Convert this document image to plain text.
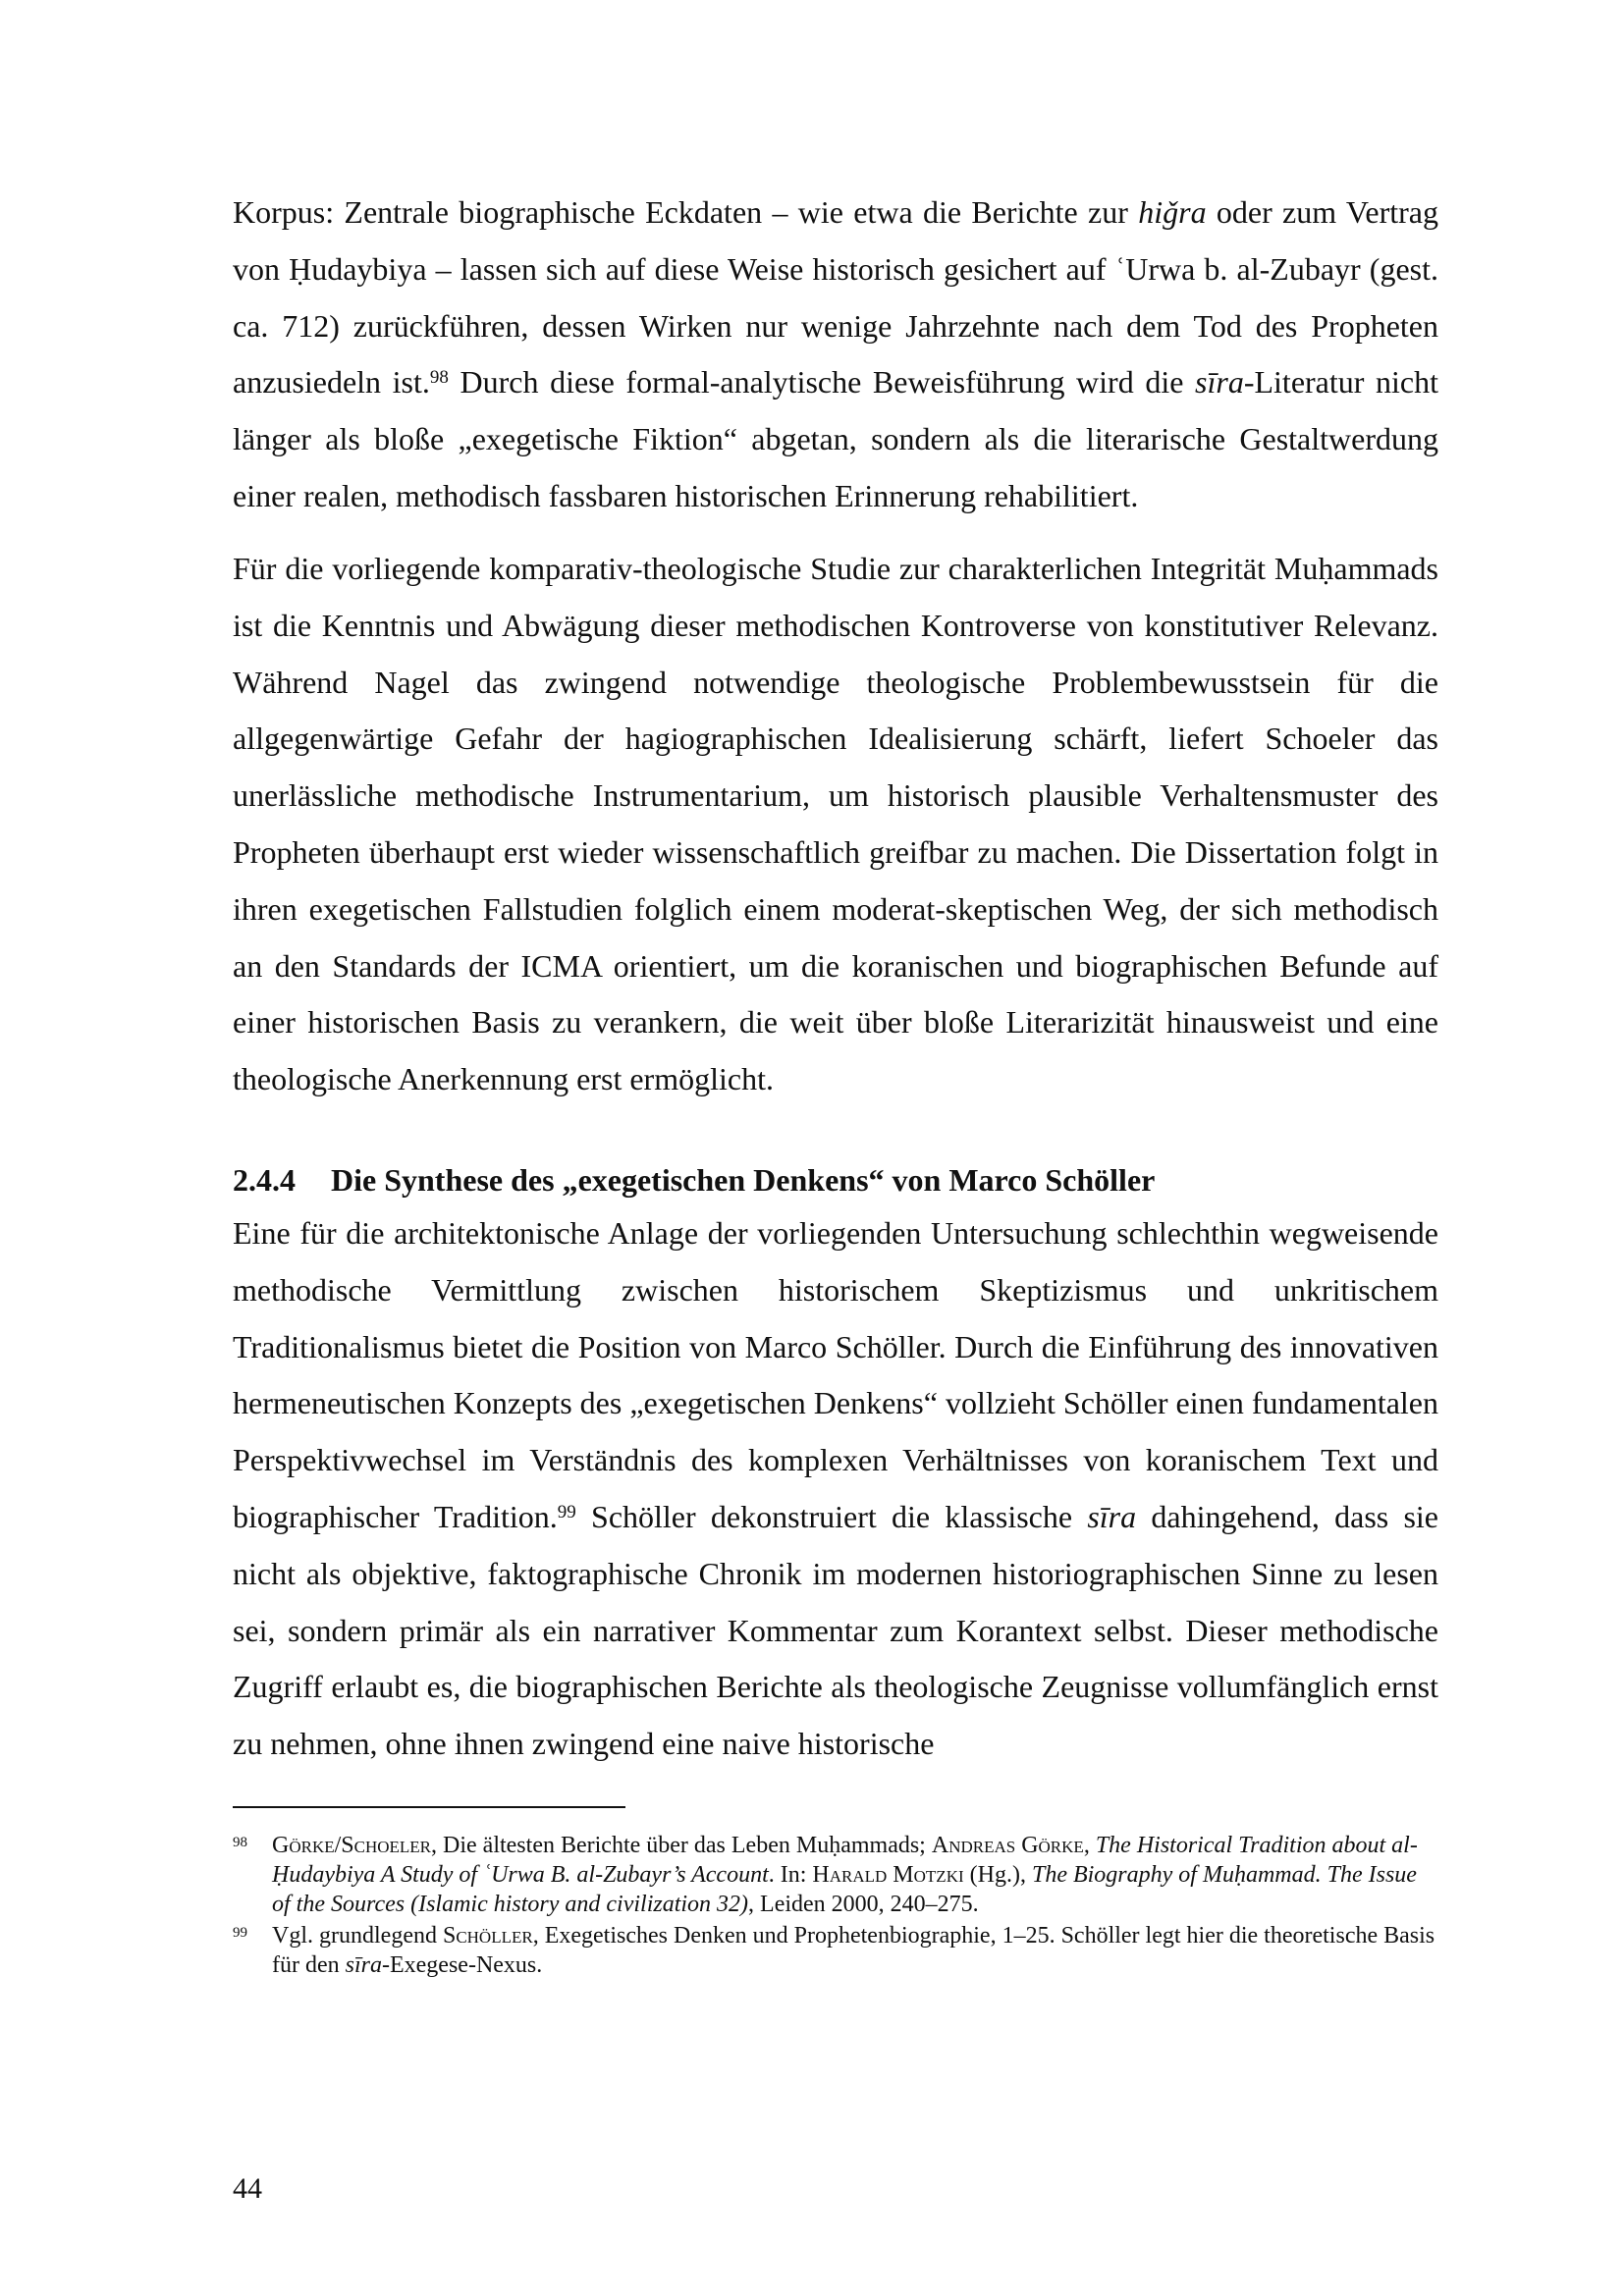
Korpus: Zentrale biographische Eckdaten – wie etwa die Berichte zur hiǧra oder zum Vertrag von Ḥudaybiya – lassen sich auf diese Weise historisch gesichert auf ʿUrwa b. al-Zubayr (gest. ca. 712) zurückführen, dessen Wirken nur wenige Jahrzehnte nach dem Tod des Propheten anzusiedeln ist.$^{98}$ Durch diese formal-analytische Beweisführung wird die sīra-Literatur nicht länger als bloße „exegetische Fiktion“ abgetan, sondern als die literarische Gestaltwerdung einer realen, methodisch fassbaren historischen Erinnerung rehabilitiert.

Für die vorliegende komparativ-theologische Studie zur charakterlichen Integrität Muḥammads ist die Kenntnis und Abwägung dieser methodischen Kontroverse von konstitutiver Relevanz. Während Nagel das zwingend notwendige theologische Problembewusstsein für die allgegenwärtige Gefahr der hagiographischen Idealisierung schärft, liefert Schoeler das unerlässliche methodische Instrumentarium, um historisch plausible Verhaltensmuster des Propheten überhaupt erst wieder wissenschaftlich greifbar zu machen. Die Dissertation folgt in ihren exegetischen Fallstudien folglich einem moderat-skeptischen Weg, der sich methodisch an den Standards der ICMA orientiert, um die koranischen und biographischen Befunde auf einer historischen Basis zu verankern, die weit über bloße Literarizität hinausweist und eine theologische Anerkennung erst ermöglicht.

2.4.4 Die Synthese des „exegetischen Denkens“ von Marco Schöller

Eine für die architektonische Anlage der vorliegenden Untersuchung schlechthin wegweisende methodische Vermittlung zwischen historischem Skeptizismus und unkritischem Traditionalismus bietet die Position von Marco Schöller. Durch die Einführung des innovativen hermeneutischen Konzepts des „exegetischen Denkens“ vollzieht Schöller einen fundamentalen Perspektivwechsel im Verständnis des komplexen Verhältnisses von koranischem Text und biographischer Tradition.$^{99}$ Schöller dekonstruiert die klassische sīra dahingehend, dass sie nicht als objektive, faktographische Chronik im modernen historiographischen Sinne zu lesen sei, sondern primär als ein narrativer Kommentar zum Korantext selbst. Dieser methodische Zugriff erlaubt es, die biographischen Berichte als theologische Zeugnisse vollumfänglich ernst zu nehmen, ohne ihnen zwingend eine naive historische

98 Görke/Schoeler, Die ältesten Berichte über das Leben Muḥammads; Andreas Görke, The Historical Tradition about al-Ḥudaybiya A Study of ʿUrwa B. al-Zubayr’s Account. In: Harald Motzki (Hg.), The Biography of Muḥammad. The Issue of the Sources (Islamic history and civilization 32), Leiden 2000, 240–275.

99 Vgl. grundlegend Schöller, Exegetisches Denken und Prophetenbiographie, 1–25. Schöller legt hier die theoretische Basis für den sīra-Exegese-Nexus.

44
